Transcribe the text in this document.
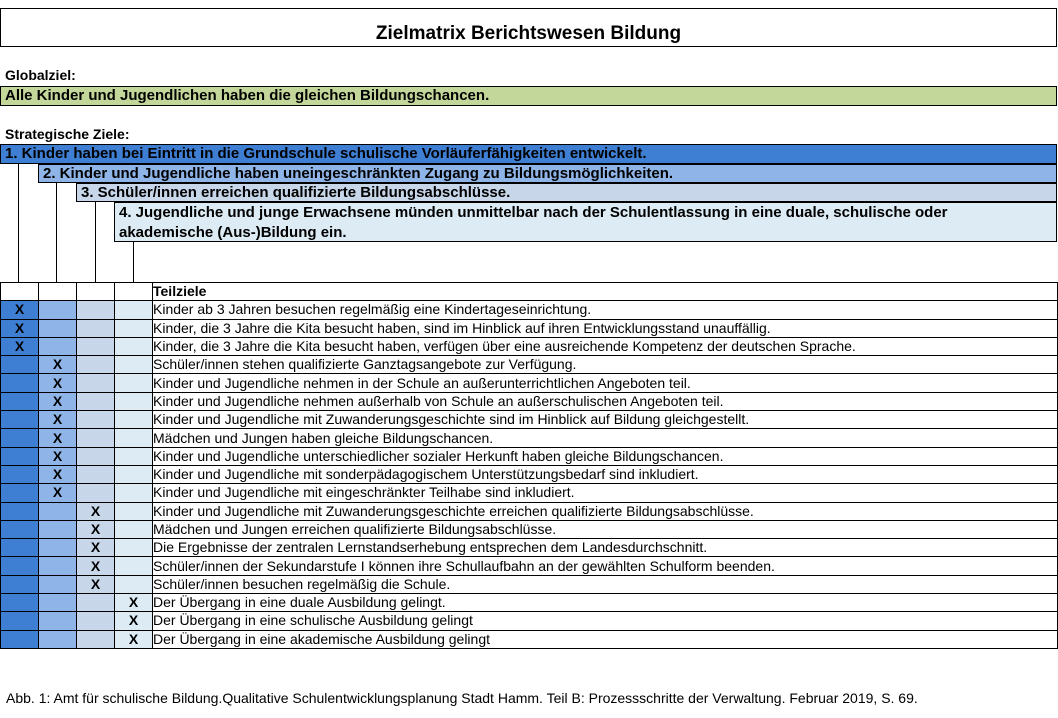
Zielmatrix Berichtswesen Bildung
Globalziel:
Alle Kinder und Jugendlichen haben die gleichen Bildungschancen.
Strategische Ziele:
1. Kinder haben bei Eintritt in die Grundschule schulische Vorläuferfähigkeiten entwickelt.
2. Kinder und Jugendliche haben uneingeschränkten Zugang zu Bildungsmöglichkeiten.
3. Schüler/innen erreichen qualifizierte Bildungsabschlüsse.
4. Jugendliche und junge Erwachsene münden unmittelbar nach der Schulentlassung in eine duale, schulische oder
akademische (Aus-)Bildung ein.
				Teilziele
X				Kinder ab 3 Jahren besuchen regelmäßig eine Kindertageseinrichtung.
X				Kinder, die 3 Jahre die Kita besucht haben, sind im Hinblick auf ihren Entwicklungsstand unauffällig.
X				Kinder, die 3 Jahre die Kita besucht haben, verfügen über eine ausreichende Kompetenz der deutschen Sprache.
	X			Schüler/innen stehen qualifizierte Ganztagsangebote zur Verfügung.
	X			Kinder und Jugendliche nehmen in der Schule an außerunterrichtlichen Angeboten teil.
	X			Kinder und Jugendliche nehmen außerhalb von Schule an außerschulischen Angeboten teil.
	X			Kinder und Jugendliche mit Zuwanderungsgeschichte sind im Hinblick auf Bildung gleichgestellt.
	X			Mädchen und Jungen haben gleiche Bildungschancen.
	X			Kinder und Jugendliche unterschiedlicher sozialer Herkunft haben gleiche Bildungschancen.
	X			Kinder und Jugendliche mit sonderpädagogischem Unterstützungsbedarf sind inkludiert.
	X			Kinder und Jugendliche mit eingeschränkter Teilhabe sind inkludiert.
		X		Kinder und Jugendliche mit Zuwanderungsgeschichte erreichen qualifizierte Bildungsabschlüsse.
		X		Mädchen und Jungen erreichen qualifizierte Bildungsabschlüsse.
		X		Die Ergebnisse der zentralen Lernstandserhebung entsprechen dem Landesdurchschnitt.
		X		Schüler/innen der Sekundarstufe I können ihre Schullaufbahn an der gewählten Schulform beenden.
		X		Schüler/innen besuchen regelmäßig die Schule.
			X	Der Übergang in eine duale Ausbildung gelingt.
			X	Der Übergang in eine schulische Ausbildung gelingt
			X	Der Übergang in eine akademische Ausbildung gelingt
Abb. 1: Amt für schulische Bildung.Qualitative Schulentwicklungsplanung Stadt Hamm. Teil B: Prozessschritte der Verwaltung. Februar 2019, S. 69.
